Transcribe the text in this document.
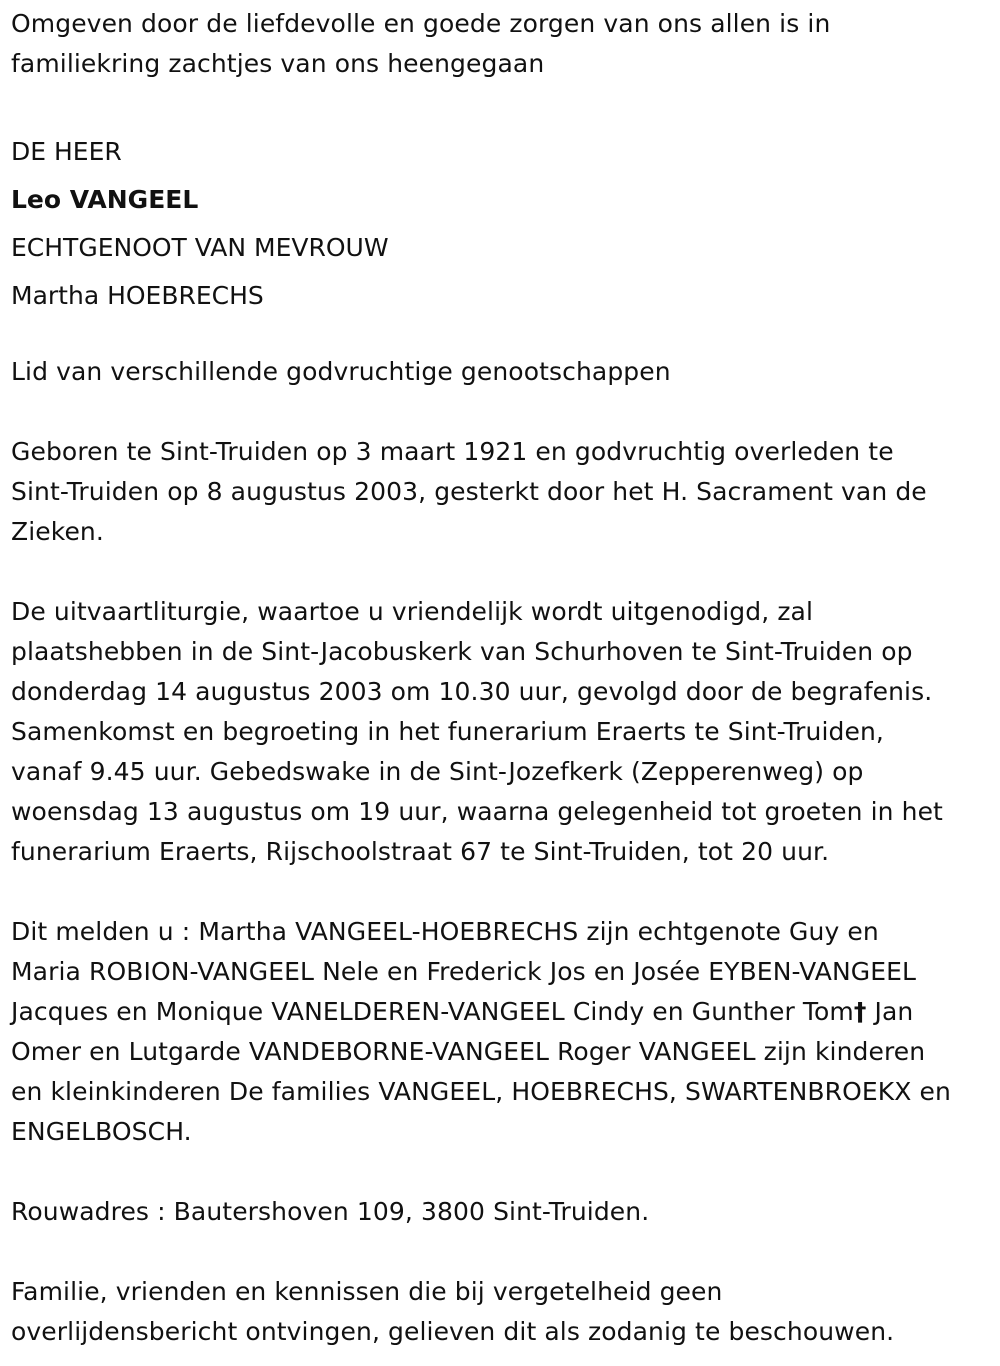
Omgeven door de liefdevolle en goede zorgen van ons allen is in
familiekring zachtjes van ons heengegaan

DE HEER

Leo VANGEEL

ECHTGENOOT VAN MEVROUW

Martha HOEBRECHS

Lid van verschillende godvruchtige genootschappen

Geboren te Sint-Truiden op 3 maart 1921 en godvruchtig overleden te
Sint-Truiden op 8 augustus 2003, gesterkt door het H. Sacrament van de
Zieken.

De uitvaartliturgie, waartoe u vriendelijk wordt uitgenodigd, zal
plaatshebben in de Sint-Jacobuskerk van Schurhoven te Sint-Truiden op
donderdag 14 augustus 2003 om 10.30 uur, gevolgd door de begrafenis.
Samenkomst en begroeting in het funerarium Eraerts te Sint-Truiden,
vanaf 9.45 uur. Gebedswake in de Sint-Jozefkerk (Zepperenweg) op
woensdag 13 augustus om 19 uur, waarna gelegenheid tot groeten in het
funerarium Eraerts, Rijschoolstraat 67 te Sint-Truiden, tot 20 uur.

Dit melden u : Martha VANGEEL-HOEBRECHS zijn echtgenote Guy en
Maria ROBION-VANGEEL Nele en Frederick Jos en Josée EYBEN-VANGEEL
Jacques en Monique VANELDEREN-VANGEEL Cindy en Gunther Tom† Jan
Omer en Lutgarde VANDEBORNE-VANGEEL Roger VANGEEL zijn kinderen
en kleinkinderen De families VANGEEL, HOEBRECHS, SWARTENBROEKX en
ENGELBOSCH.

Rouwadres : Bautershoven 109, 3800 Sint-Truiden.

Familie, vrienden en kennissen die bij vergetelheid geen
overlijdensbericht ontvingen, gelieven dit als zodanig te beschouwen.
